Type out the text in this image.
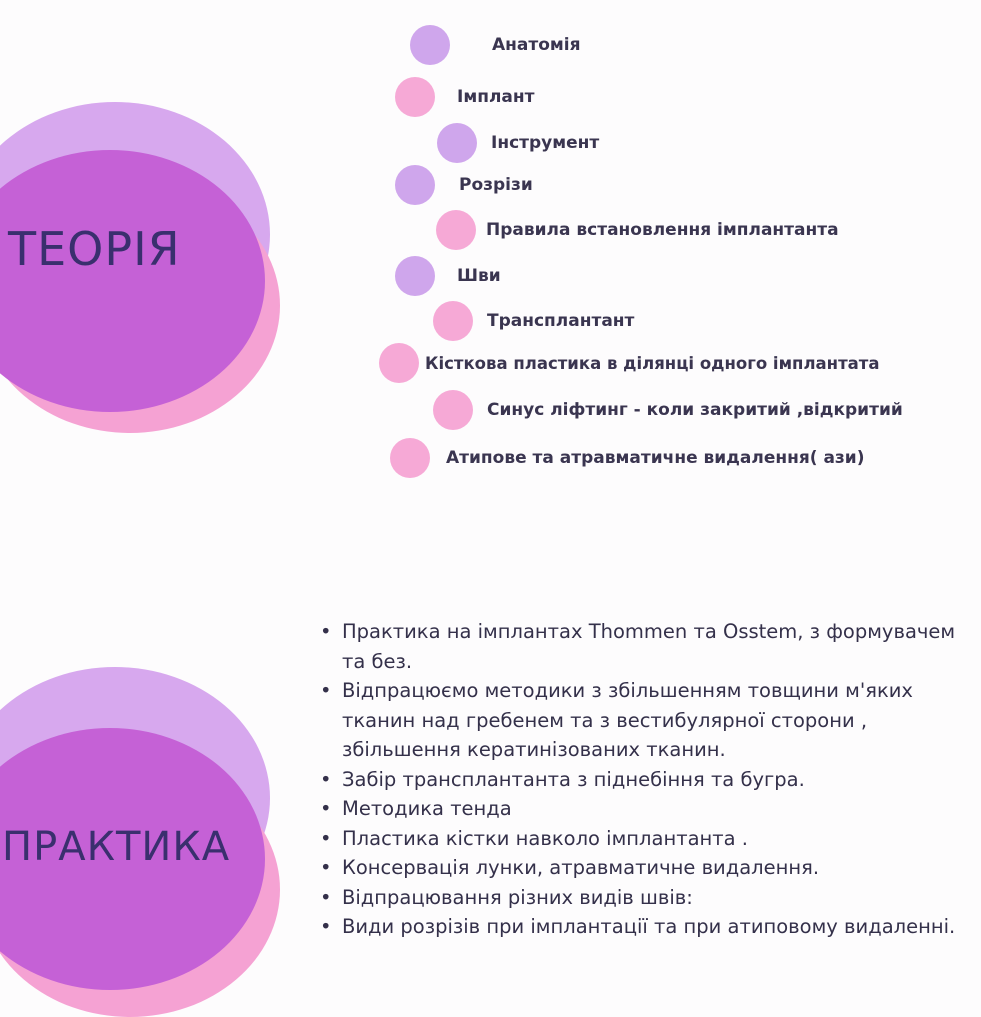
ТЕОРІЯ
Анатомія
Імплант
Інструмент
Розрізи
Правила встановлення імплантанта
Шви
Трансплантант
Кісткова пластика в ділянці одного імплантата
Синус ліфтинг - коли закритий ,відкритий
Атипове та атравматичне видалення( ази)
ПРАКТИКА
• Практика на імплантах Thommen та Osstem, з формувачем та без.
• Відпрацюємо методики з збільшенням товщини м'яких тканин над гребенем та з вестибулярної сторони , збільшення кератинізованих тканин.
• Забір трансплантанта з піднебіння та бугра.
• Методика тенда
• Пластика кістки навколо імплантанта .
• Консервація лунки, атравматичне видалення.
• Відпрацювання різних видів швів:
• Види розрізів при імплантації та при атиповому видаленні.
